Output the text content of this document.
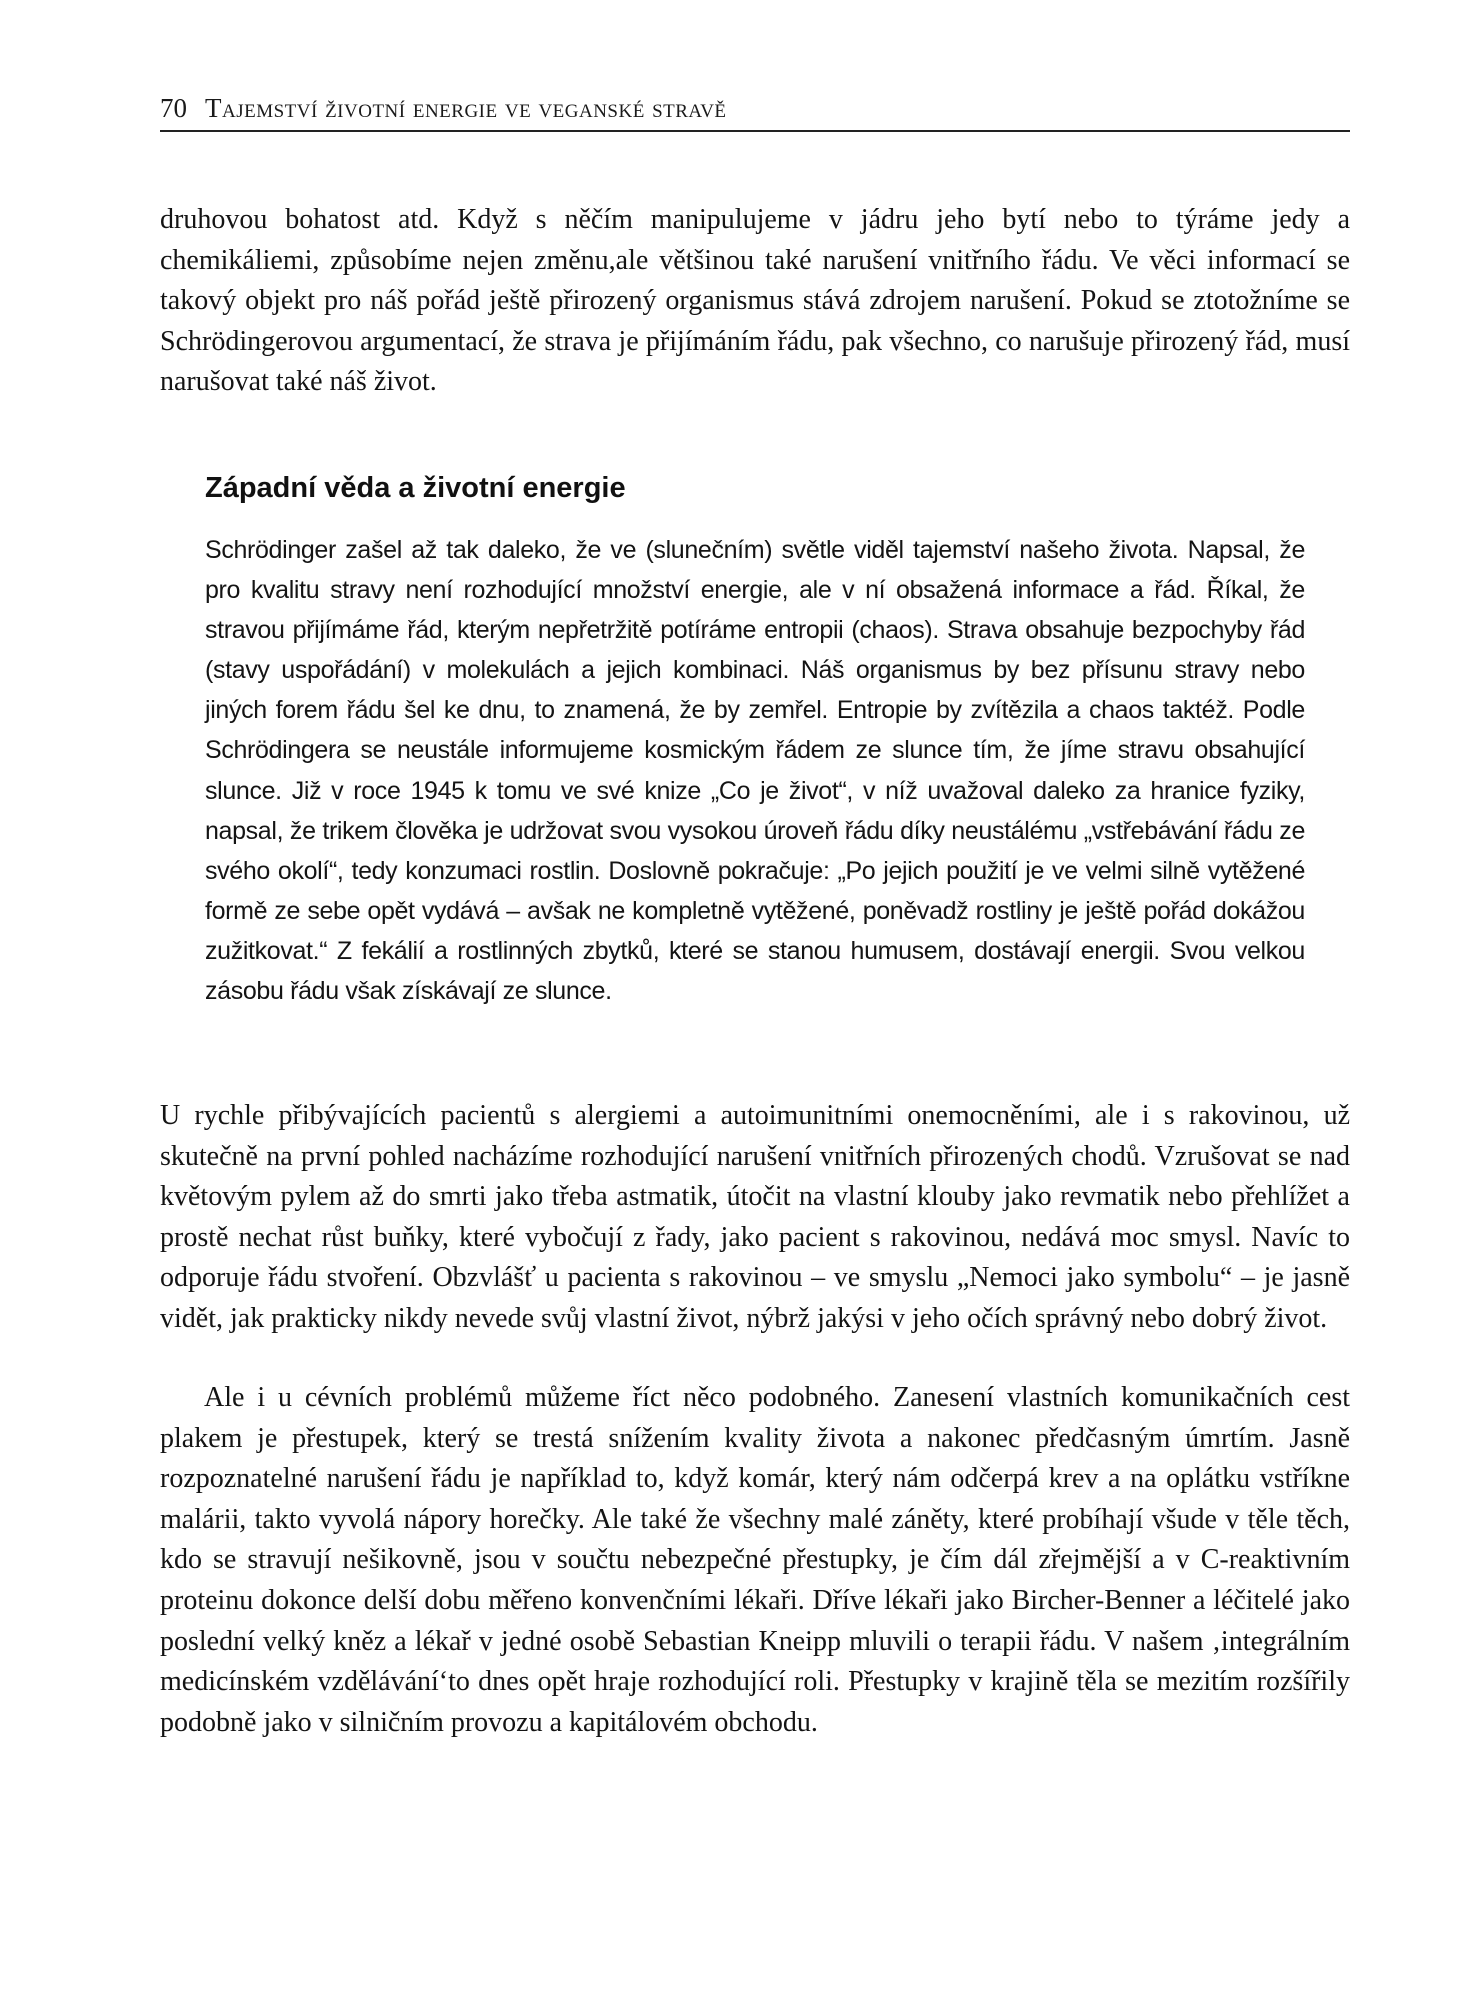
70 Tajemství životní energie ve veganské stravě

druhovou bohatost atd. Když s něčím manipulujeme v jádru jeho bytí nebo to týráme jedy a chemikáliemi, způsobíme nejen změnu,ale většinou také narušení vnitřního řádu. Ve věci informací se takový objekt pro náš pořád ještě přirozený organismus stává zdrojem narušení. Pokud se ztotožníme se Schrödingerovou argumentací, že strava je přijímáním řádu, pak všechno, co narušuje přirozený řád, musí narušovat také náš život.

Západní věda a životní energie

Schrödinger zašel až tak daleko, že ve (slunečním) světle viděl tajemství našeho života. Napsal, že pro kvalitu stravy není rozhodující množství energie, ale v ní obsažená informace a řád. Říkal, že stravou přijímáme řád, kterým nepřetržitě potíráme entropii (chaos). Strava obsahuje bezpochyby řád (stavy uspořádání) v molekulách a jejich kombinaci. Náš organismus by bez přísunu stravy nebo jiných forem řádu šel ke dnu, to znamená, že by zemřel. Entropie by zvítězila a chaos taktéž. Podle Schrödingera se neustále informujeme kosmickým řádem ze slunce tím, že jíme stravu obsahující slunce. Již v roce 1945 k tomu ve své knize „Co je život“, v níž uvažoval daleko za hranice fyziky, napsal, že trikem člověka je udržovat svou vysokou úroveň řádu díky neustálému „vstřebávání řádu ze svého okolí“, tedy konzumaci rostlin. Doslovně pokračuje: „Po jejich použití je ve velmi silně vytěžené formě ze sebe opět vydává – avšak ne kompletně vytěžené, poněvadž rostliny je ještě pořád dokážou zužitkovat.“ Z fekálií a rostlinných zbytků, které se stanou humusem, dostávají energii. Svou velkou zásobu řádu však získávají ze slunce.

U rychle přibývajících pacientů s alergiemi a autoimunitními onemocněními, ale i s rakovinou, už skutečně na první pohled nacházíme rozhodující narušení vnitřních přirozených chodů. Vzrušovat se nad květovým pylem až do smrti jako třeba astmatik, útočit na vlastní klouby jako revmatik nebo přehlížet a prostě nechat růst buňky, které vybočují z řady, jako pacient s rakovinou, nedává moc smysl. Navíc to odporuje řádu stvoření. Obzvlášť u pacienta s rakovinou – ve smyslu „Nemoci jako symbolu“ – je jasně vidět, jak prakticky nikdy nevede svůj vlastní život, nýbrž jakýsi v jeho očích správný nebo dobrý život.

Ale i u cévních problémů můžeme říct něco podobného. Zanesení vlastních komunikačních cest plakem je přestupek, který se trestá snížením kvality života a nakonec předčasným úmrtím. Jasně rozpoznatelné narušení řádu je například to, když komár, který nám odčerpá krev a na oplátku vstříkne malárii, takto vyvolá nápory horečky. Ale také že všechny malé záněty, které probíhají všude v těle těch, kdo se stravují nešikovně, jsou v součtu nebezpečné přestupky, je čím dál zřejmější a v C-reaktivním proteinu dokonce delší dobu měřeno konvenčními lékaři. Dříve lékaři jako Bircher-Benner a léčitelé jako poslední velký kněz a lékař v jedné osobě Sebastian Kneipp mluvili o terapii řádu. V našem ‚integrálním medicínském vzdělávání‘to dnes opět hraje rozhodující roli. Přestupky v krajině těla se mezitím rozšířily podobně jako v silničním provozu a kapitálovém obchodu.
